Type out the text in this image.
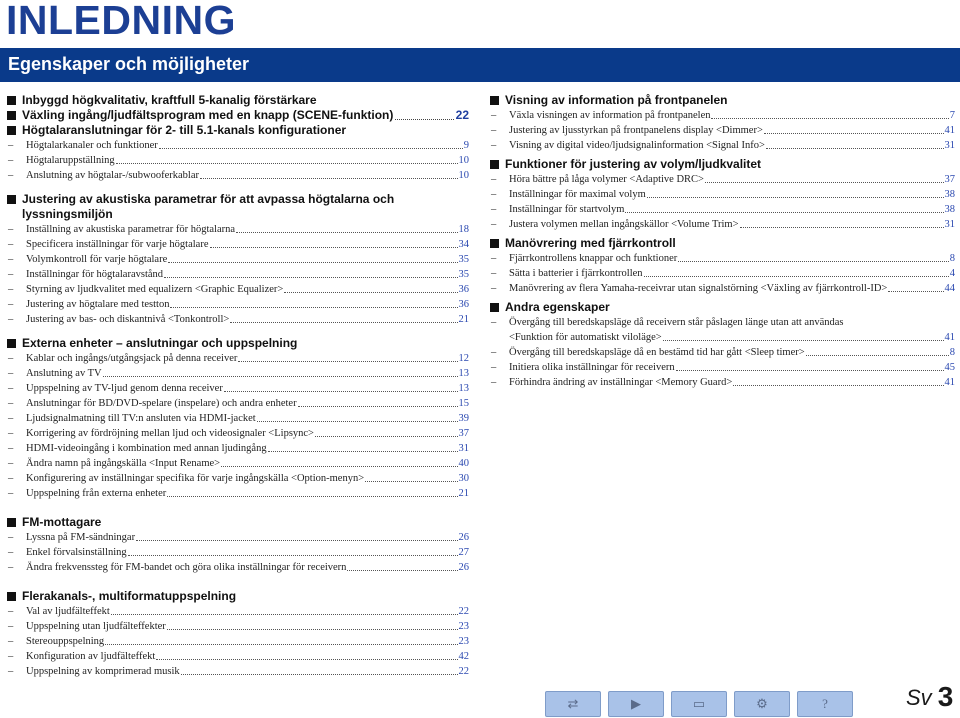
INLEDNING
Egenskaper och möjligheter
Inbyggd högkvalitativ, kraftfull 5-kanalig förstärkare
Växling ingång/ljudfältsprogram med en knapp (SCENE-funktion)	22
Högtalaranslutningar för 2- till 5.1-kanals konfigurationer
–	Högtalarkanaler och funktioner	9
–	Högtalaruppställning	10
–	Anslutning av högtalar-/subwooferkablar	10
Justering av akustiska parametrar för att avpassa högtalarna och
lyssningsmiljön
–	Inställning av akustiska parametrar för högtalarna	18
–	Specificera inställningar för varje högtalare	34
–	Volymkontroll för varje högtalare	35
–	Inställningar för högtalaravstånd	35
–	Styrning av ljudkvalitet med equalizern <Graphic Equalizer>	36
–	Justering av högtalare med testton	36
–	Justering av bas- och diskantnivå <Tonkontroll>	21
Externa enheter – anslutningar och uppspelning
–	Kablar och ingångs/utgångsjack på denna receiver	12
–	Anslutning av TV	13
–	Uppspelning av TV-ljud genom denna receiver	13
–	Anslutningar för BD/DVD-spelare (inspelare) och andra enheter	15
–	Ljudsignalmatning till TV:n ansluten via HDMI-jacket	39
–	Korrigering av fördröjning mellan ljud och videosignaler <Lipsync>	37
–	HDMI-videoingång i kombination med annan ljudingång	31
–	Ändra namn på ingångskälla <Input Rename>	40
–	Konfigurering av inställningar specifika för varje ingångskälla <Option-menyn>	30
–	Uppspelning från externa enheter	21
FM-mottagare
–	Lyssna på FM-sändningar	26
–	Enkel förvalsinställning	27
–	Ändra frekvenssteg för FM-bandet och göra olika inställningar för receivern	26
Flerakanals-, multiformatuppspelning
–	Val av ljudfälteffekt	22
–	Uppspelning utan ljudfälteffekter	23
–	Stereouppspelning	23
–	Konfiguration av ljudfälteffekt	42
–	Uppspelning av komprimerad musik	22
Visning av information på frontpanelen
–	Växla visningen av information på frontpanelen	7
–	Justering av ljusstyrkan på frontpanelens display <Dimmer>	41
–	Visning av digital video/ljudsignalinformation <Signal Info>	31
Funktioner för justering av volym/ljudkvalitet
–	Höra bättre på låga volymer <Adaptive DRC>	37
–	Inställningar för maximal volym	38
–	Inställningar för startvolym	38
–	Justera volymen mellan ingångskällor <Volume Trim>	31
Manövrering med fjärrkontroll
–	Fjärrkontrollens knappar och funktioner	8
–	Sätta i batterier i fjärrkontrollen	4
–	Manövrering av flera Yamaha-receivrar utan signalstörning <Växling av fjärrkontroll-ID>	44
Andra egenskaper
–	Övergång till beredskapsläge då receivern står påslagen länge utan att användas
<Funktion för automatiskt viloläge>	41
–	Övergång till beredskapsläge då en bestämd tid har gått <Sleep timer>	8
–	Initiera olika inställningar för receivern	45
–	Förhindra ändring av inställningar <Memory Guard>	41
⇄	▶	▭	⚙	?	Sv 3
